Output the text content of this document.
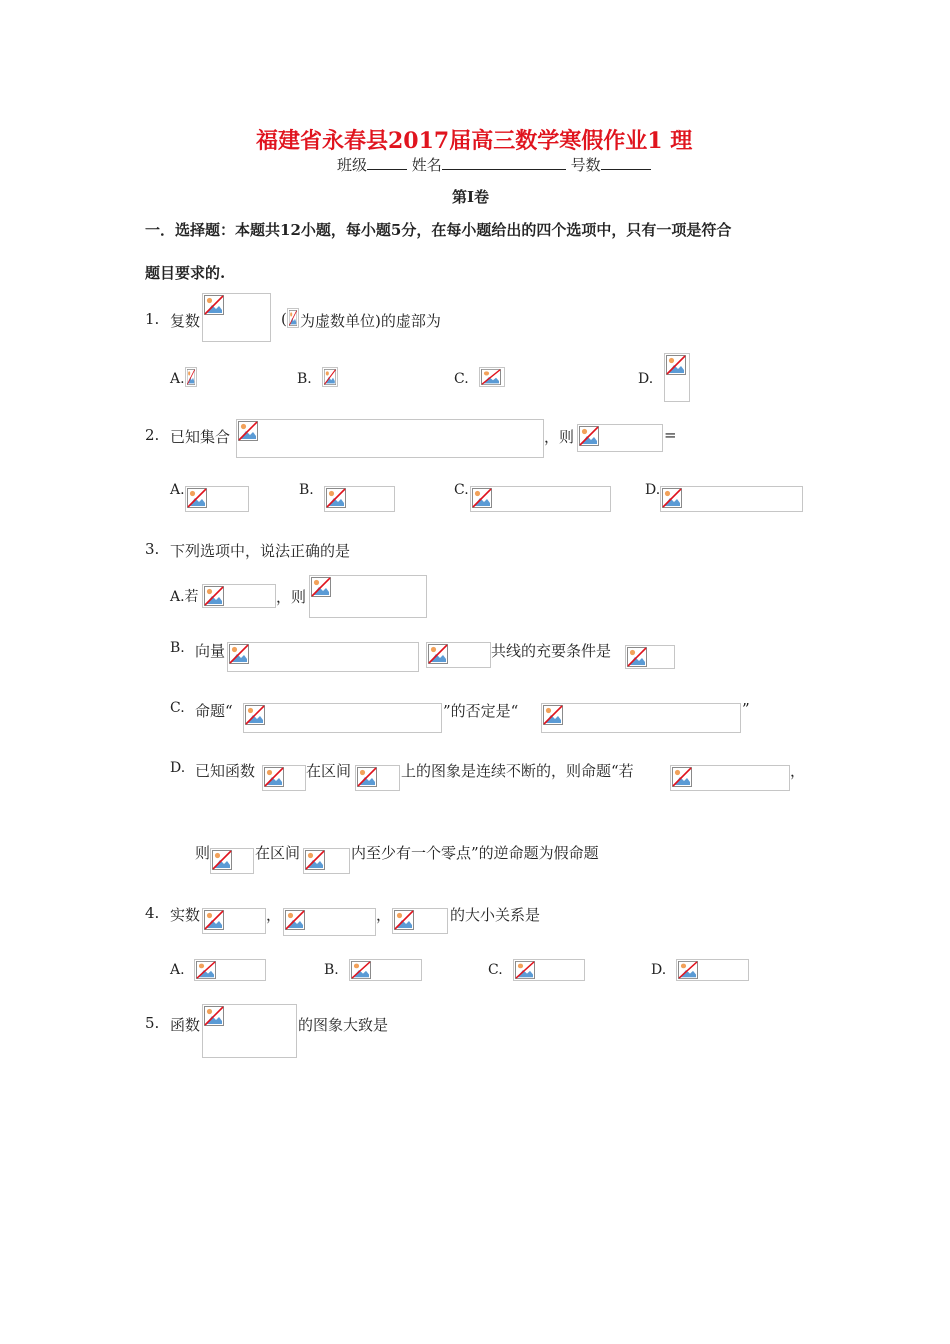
福建省永春县2017届高三数学寒假作业1 理
班级	姓名	号数
第Ⅰ卷
一．选择题：本题共12小题，每小题5分，在每小题给出的四个选项中，只有一项是符合
题目要求的.
1. 复数	( 为虚数单位)的虚部为
A.	B.	C.	D.
2. 已知集合	，则	=
A.	B.	C.	D.
3. 下列选项中，说法正确的是
A.若	，则
B. 向量	共线的充要条件是
C. 命题“	”的否定是“	”
D. 已知函数	在区间	上的图象是连续不断的，则命题“若	，
则	在区间	内至少有一个零点”的逆命题为假命题
4. 实数	，	，	的大小关系是
A.	B.	C.	D.
5. 函数	的图象大致是
